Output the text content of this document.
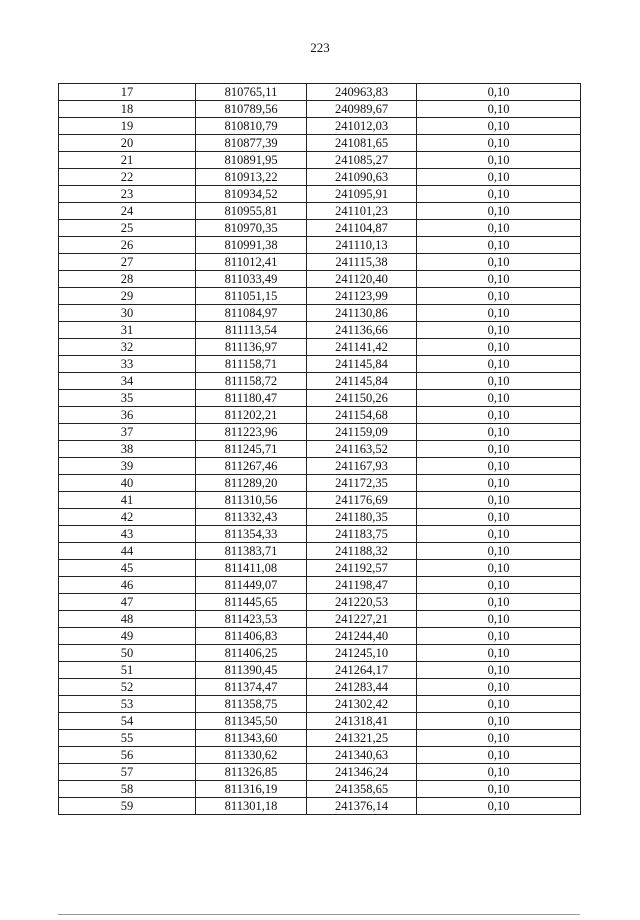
223
17	810765,11	240963,83	0,10
18	810789,56	240989,67	0,10
19	810810,79	241012,03	0,10
20	810877,39	241081,65	0,10
21	810891,95	241085,27	0,10
22	810913,22	241090,63	0,10
23	810934,52	241095,91	0,10
24	810955,81	241101,23	0,10
25	810970,35	241104,87	0,10
26	810991,38	241110,13	0,10
27	811012,41	241115,38	0,10
28	811033,49	241120,40	0,10
29	811051,15	241123,99	0,10
30	811084,97	241130,86	0,10
31	811113,54	241136,66	0,10
32	811136,97	241141,42	0,10
33	811158,71	241145,84	0,10
34	811158,72	241145,84	0,10
35	811180,47	241150,26	0,10
36	811202,21	241154,68	0,10
37	811223,96	241159,09	0,10
38	811245,71	241163,52	0,10
39	811267,46	241167,93	0,10
40	811289,20	241172,35	0,10
41	811310,56	241176,69	0,10
42	811332,43	241180,35	0,10
43	811354,33	241183,75	0,10
44	811383,71	241188,32	0,10
45	811411,08	241192,57	0,10
46	811449,07	241198,47	0,10
47	811445,65	241220,53	0,10
48	811423,53	241227,21	0,10
49	811406,83	241244,40	0,10
50	811406,25	241245,10	0,10
51	811390,45	241264,17	0,10
52	811374,47	241283,44	0,10
53	811358,75	241302,42	0,10
54	811345,50	241318,41	0,10
55	811343,60	241321,25	0,10
56	811330,62	241340,63	0,10
57	811326,85	241346,24	0,10
58	811316,19	241358,65	0,10
59	811301,18	241376,14	0,10
